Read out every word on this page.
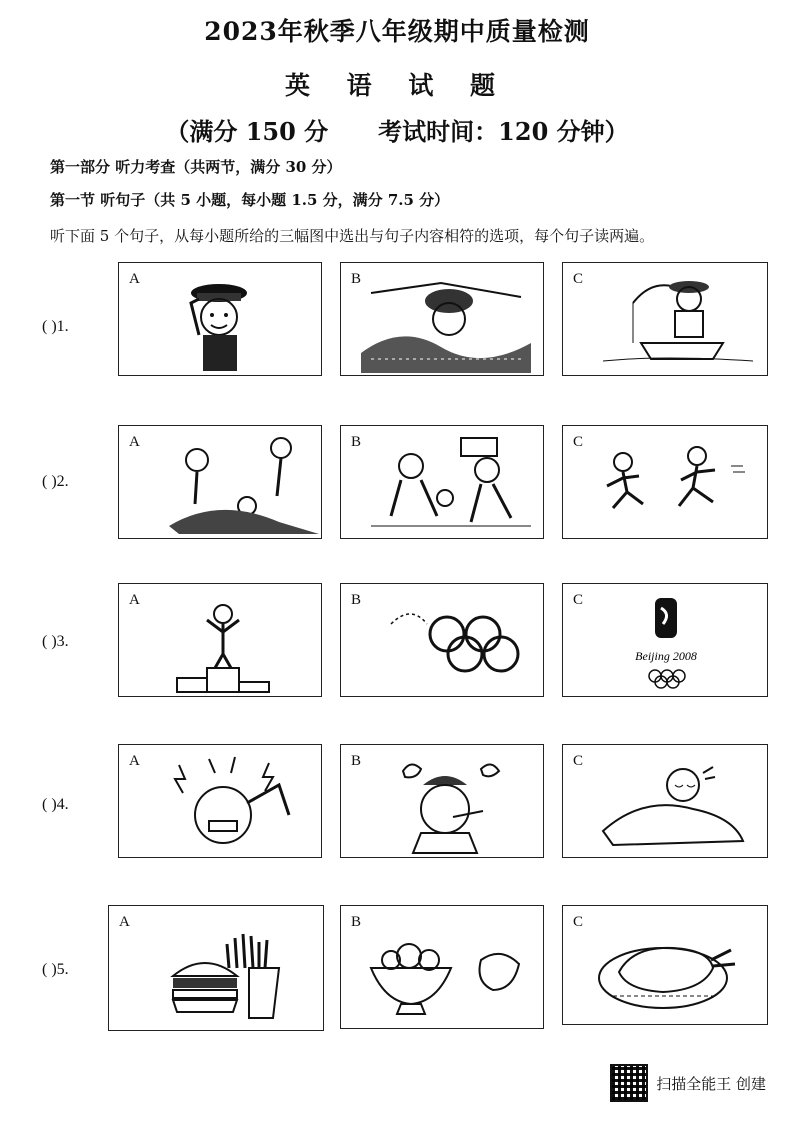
2023年秋季八年级期中质量检测
英 语 试 题
（满分 150 分 考试时间：120 分钟）
第一部分 听力考查（共两节，满分 30 分）
第一节 听句子（共 5 小题，每小题 1.5 分，满分 7.5 分）
听下面 5 个句子，从每小题所给的三幅图中选出与句子内容相符的选项，每个句子读两遍。
( )1.
A	B	C
( )2.
A	B	C
( )3.
A	B	C
Beijing 2008
( )4.
A	B	C
( )5.
A	B	C
扫描全能王 创建
